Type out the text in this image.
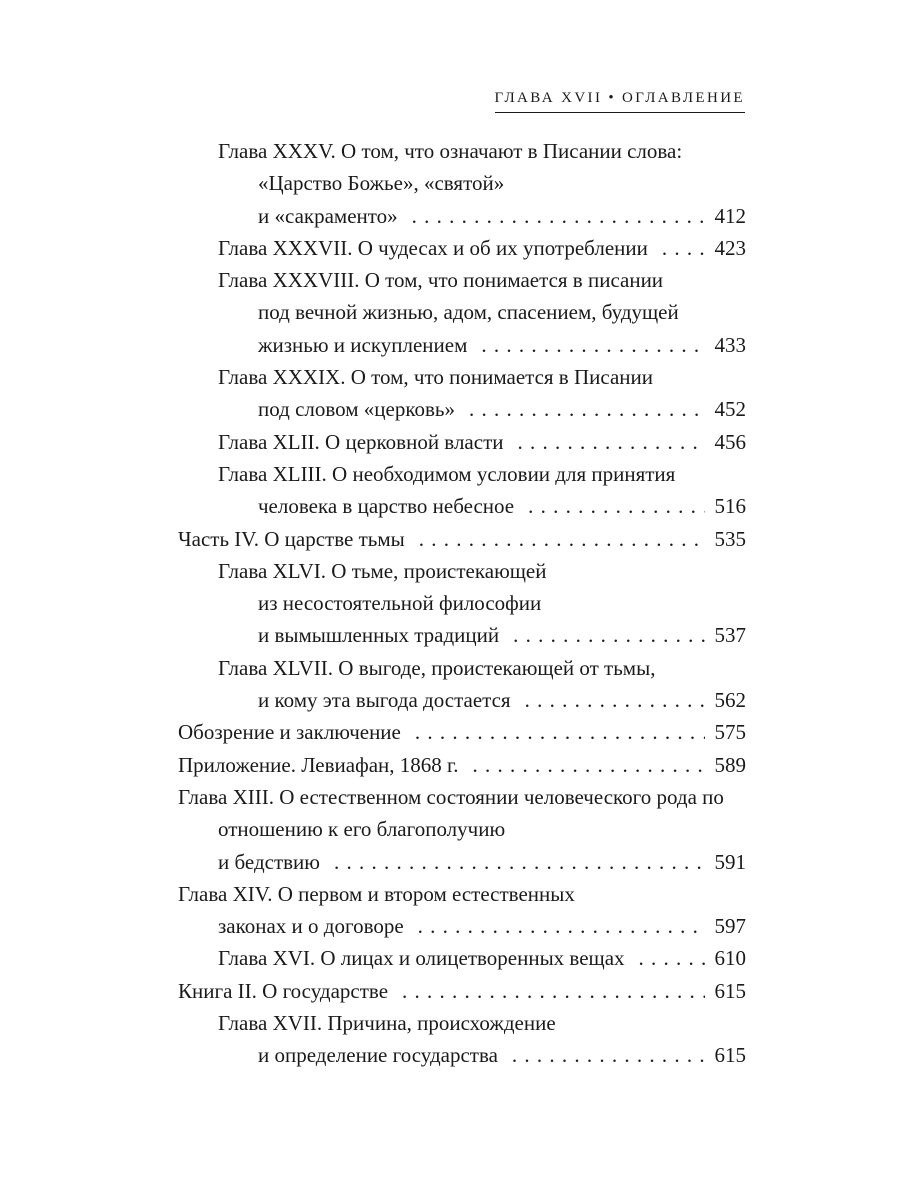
ГЛАВА XVII • ОГЛАВЛЕНИЕ
Глава XXXV. О том, что означают в Писании слова:
«Царство Божье», «святой»
и «сакраменто» . . .	412
Глава XXXVII. О чудесах и об их употреблении . . .	423
Глава XXXVIII. О том, что понимается в писании
под вечной жизнью, адом, спасением, будущей
жизнью и искуплением . . .	433
Глава XXXIX. О том, что понимается в Писании
под словом «церковь» . . .	452
Глава XLII. О церковной власти . . .	456
Глава XLIII. О необходимом условии для принятия
человека в царство небесное . . .	516
Часть IV. О царстве тьмы . . .	535
Глава XLVI. О тьме, проистекающей
из несостоятельной философии
и вымышленных традиций . . .	537
Глава XLVII. О выгоде, проистекающей от тьмы,
и кому эта выгода достается . . .	562
Обозрение и заключение . . .	575
Приложение. Левиафан, 1868 г. . . .	589
Глава XIII. О естественном состоянии человеческого рода по
отношению к его благополучию
и бедствию . . .	591
Глава XIV. О первом и втором естественных
законах и о договоре . . .	597
Глава XVI. О лицах и олицетворенных вещах . . .	610
Книга II. О государстве . . .	615
Глава XVII. Причина, происхождение
и определение государства . . .	615
